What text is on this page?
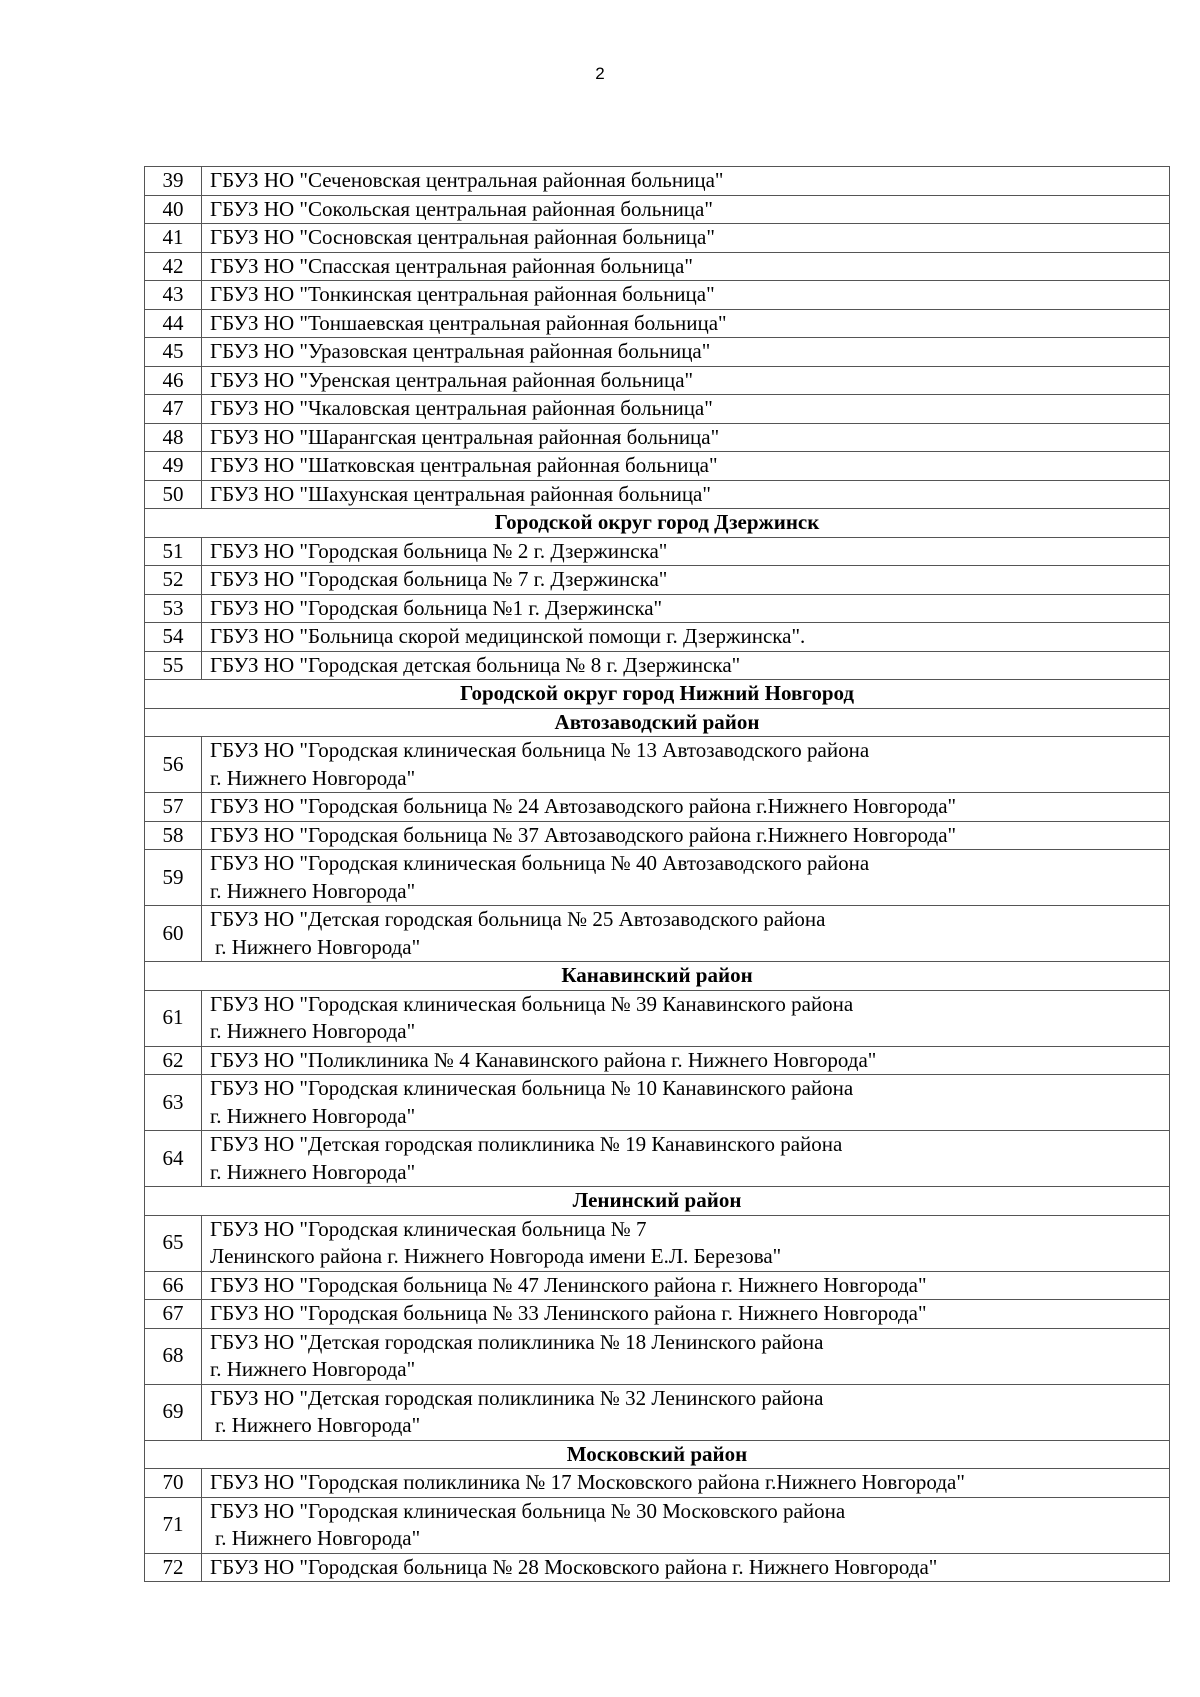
2
39	ГБУЗ НО "Сеченовская центральная районная больница"

40	ГБУЗ НО "Сокольская центральная районная больница"

41	ГБУЗ НО "Сосновская центральная районная больница"

42	ГБУЗ НО "Спасская центральная районная больница"

43	ГБУЗ НО "Тонкинская центральная районная больница"

44	ГБУЗ НО "Тоншаевская центральная районная больница"

45	ГБУЗ НО "Уразовская центральная районная больница"

46	ГБУЗ НО "Уренская центральная районная больница"

47	ГБУЗ НО "Чкаловская центральная районная больница"

48	ГБУЗ НО "Шарангская центральная районная больница"

49	ГБУЗ НО "Шатковская центральная районная больница"

50	ГБУЗ НО "Шахунская центральная районная больница"

Городской округ город Дзержинск	
51	ГБУЗ НО "Городская больница № 2 г. Дзержинска"

52	ГБУЗ НО "Городская больница № 7 г. Дзержинска"

53	ГБУЗ НО "Городская больница №1 г. Дзержинска"

54	ГБУЗ НО "Больница скорой медицинской помощи г. Дзержинска".

55	ГБУЗ НО "Городская детская больница № 8 г. Дзержинска"

Городской округ город Нижний Новгород	
Автозаводский район	
56	ГБУЗ НО "Городская клиническая больница № 13 Автозаводского района
г. Нижнего Новгорода"

57	ГБУЗ НО "Городская больница № 24 Автозаводского района г.Нижнего Новгорода"

58	ГБУЗ НО "Городская больница № 37 Автозаводского района г.Нижнего Новгорода"

59	ГБУЗ НО "Городская клиническая больница № 40 Автозаводского района
г. Нижнего Новгорода"

60	ГБУЗ НО "Детская городская больница № 25 Автозаводского района
г. Нижнего Новгорода"

Канавинский район	
61	ГБУЗ НО "Городская клиническая больница № 39 Канавинского района
г. Нижнего Новгорода"

62	ГБУЗ НО "Поликлиника № 4 Канавинского района г. Нижнего Новгорода"

63	ГБУЗ НО "Городская клиническая больница № 10 Канавинского района
г. Нижнего Новгорода"

64	ГБУЗ НО "Детская городская поликлиника № 19 Канавинского района
г. Нижнего Новгорода"

Ленинский район	
65	ГБУЗ НО "Городская клиническая больница № 7
Ленинского района г. Нижнего Новгорода имени Е.Л. Березова"

66	ГБУЗ НО "Городская больница № 47 Ленинского района г. Нижнего Новгорода"

67	ГБУЗ НО "Городская больница № 33 Ленинского района г. Нижнего Новгорода"

68	ГБУЗ НО "Детская городская поликлиника № 18 Ленинского района
г. Нижнего Новгорода"

69	ГБУЗ НО "Детская городская поликлиника № 32 Ленинского района
г. Нижнего Новгорода"

Московский район	
70	ГБУЗ НО "Городская поликлиника № 17 Московского района г.Нижнего Новгорода"

71	ГБУЗ НО "Городская клиническая больница № 30 Московского района
г. Нижнего Новгорода"

72	ГБУЗ НО "Городская больница № 28 Московского района г. Нижнего Новгорода"
